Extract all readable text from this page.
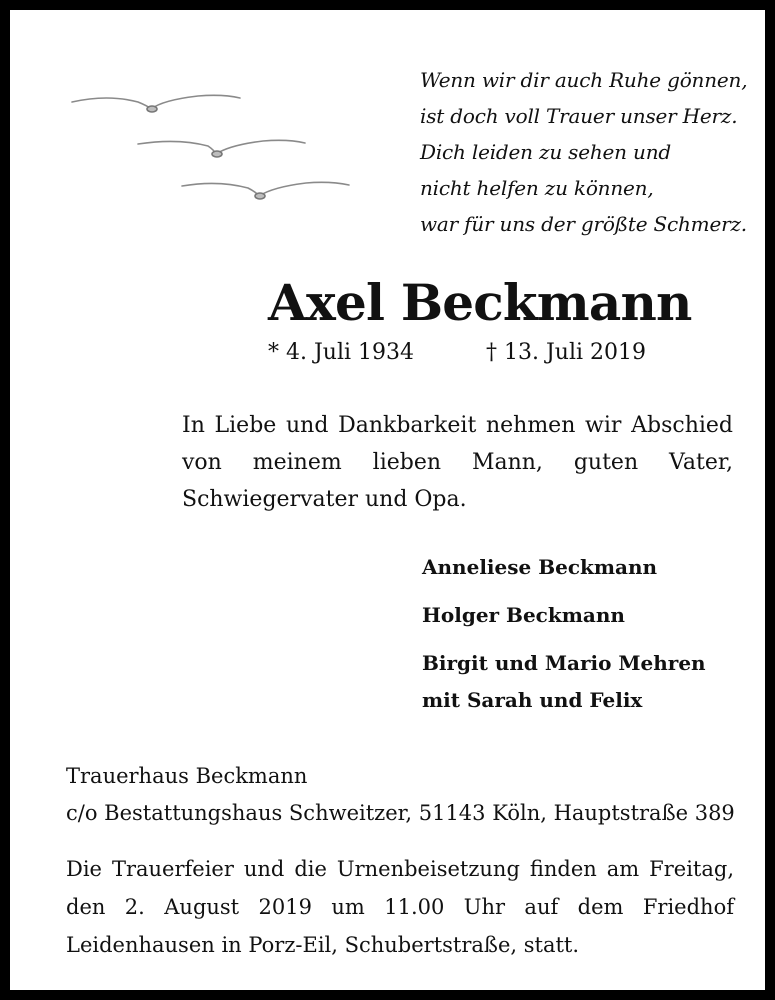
Wenn wir dir auch Ruhe gönnen,
ist doch voll Trauer unser Herz.
Dich leiden zu sehen und
nicht helfen zu können,
war für uns der größte Schmerz.
Axel Beckmann
* 4. Juli 1934	† 13. Juli 2019
In Liebe und Dankbarkeit nehmen wir Abschied von meinem lieben Mann, guten Vater, Schwiegervater und Opa.
Anneliese Beckmann
Holger Beckmann
Birgit und Mario Mehren
mit Sarah und Felix
Trauerhaus Beckmann
c/o Bestattungshaus Schweitzer, 51143 Köln, Hauptstraße 389
Die Trauerfeier und die Urnenbeisetzung finden am Freitag, den 2. August 2019 um 11.00 Uhr auf dem Friedhof Leidenhausen in Porz-Eil, Schubertstraße, statt.
